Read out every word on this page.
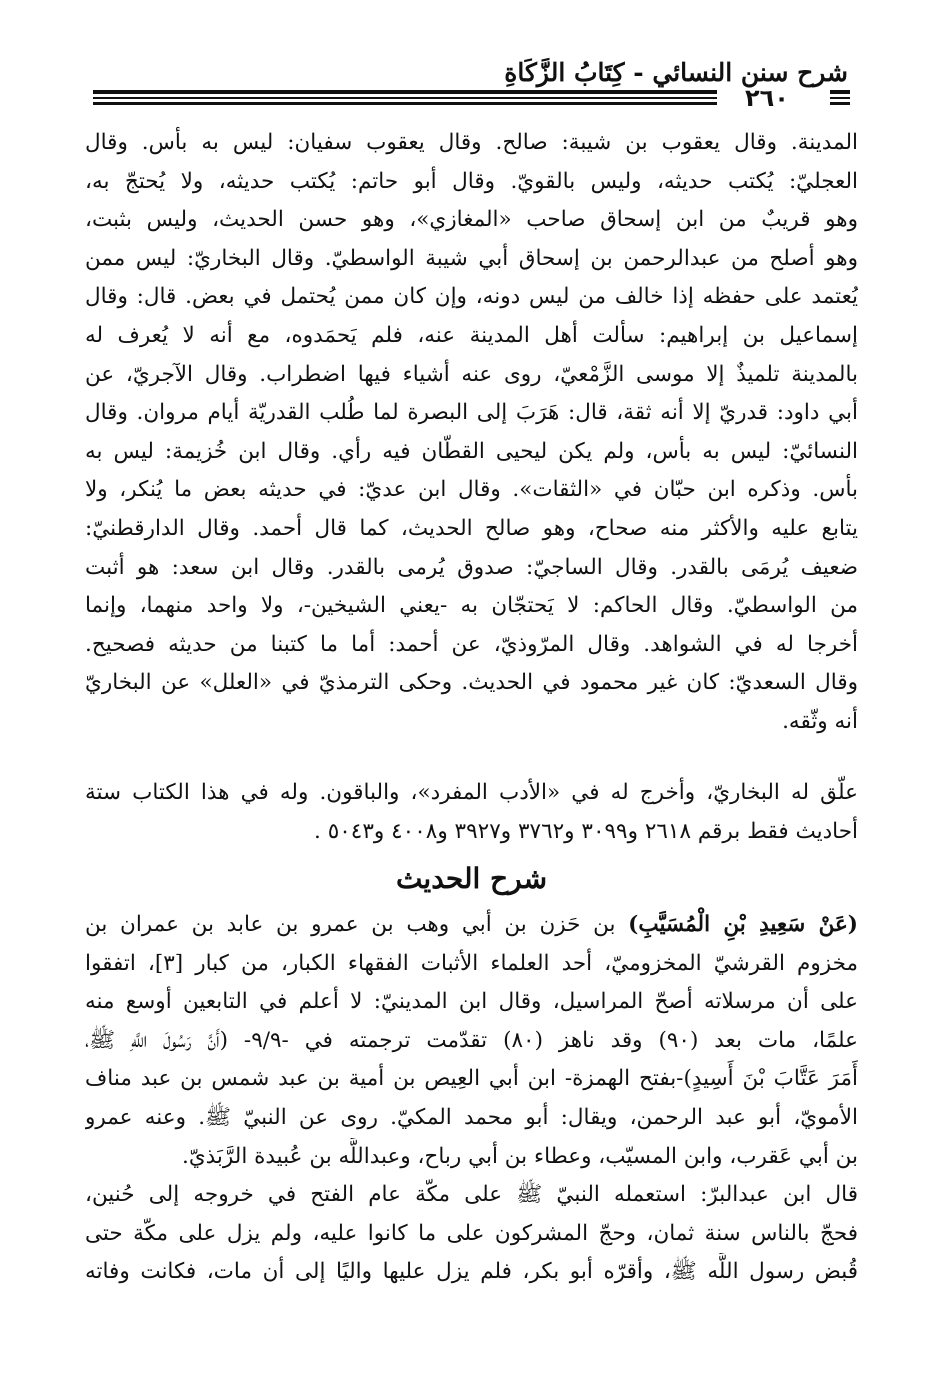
شرح سنن النسائي - كِتَابُ الزَّكَاةِ
٢٦٠
المدينة. وقال يعقوب بن شيبة: صالح. وقال يعقوب سفيان: ليس به بأس. وقال
العجليّ: يُكتب حديثه، وليس بالقويّ. وقال أبو حاتم: يُكتب حديثه، ولا يُحتجّ به،
وهو قريبٌ من ابن إسحاق صاحب «المغازي»، وهو حسن الحديث، وليس بثبت،
وهو أصلح من عبدالرحمن بن إسحاق أبي شيبة الواسطيّ. وقال البخاريّ: ليس ممن
يُعتمد على حفظه إذا خالف من ليس دونه، وإن كان ممن يُحتمل في بعض. قال: وقال
إسماعيل بن إبراهيم: سألت أهل المدينة عنه، فلم يَحمَدوه، مع أنه لا يُعرف له
بالمدينة تلميذٌ إلا موسى الزَّمْعيّ، روى عنه أشياء فيها اضطراب. وقال الآجريّ، عن
أبي داود: قدريّ إلا أنه ثقة، قال: هَرَبَ إلى البصرة لما طُلب القدريّة أيام مروان. وقال
النسائيّ: ليس به بأس، ولم يكن ليحيى القطّان فيه رأي. وقال ابن خُزيمة: ليس به
بأس. وذكره ابن حبّان في «الثقات». وقال ابن عديّ: في حديثه بعض ما يُنكر، ولا
يتابع عليه والأكثر منه صحاح، وهو صالح الحديث، كما قال أحمد. وقال الدارقطنيّ:
ضعيف يُرمَى بالقدر. وقال الساجيّ: صدوق يُرمى بالقدر. وقال ابن سعد: هو أثبت
من الواسطيّ. وقال الحاكم: لا يَحتجّان به -يعني الشيخين-، ولا واحد منهما، وإنما
أخرجا له في الشواهد. وقال المرّوذيّ، عن أحمد: أما ما كتبنا من حديثه فصحيح.
وقال السعديّ: كان غير محمود في الحديث. وحكى الترمذيّ في «العلل» عن البخاريّ
أنه وثّقه.
علّق له البخاريّ، وأخرج له في «الأدب المفرد»، والباقون. وله في هذا الكتاب ستة
أحاديث فقط برقم ٢٦١٨ و٣٠٩٩ و٣٧٦٢ و٣٩٢٧ و٤٠٠٨ و٥٠٤٣ .
شرح الحديث
(عَنْ سَعِيدِ بْنِ الْمُسَيَّبِ) بن حَزن بن أبي وهب بن عمرو بن عابد بن عمران بن
مخزوم القرشيّ المخزوميّ، أحد العلماء الأثبات الفقهاء الكبار، من كبار [٣]، اتفقوا
على أن مرسلاته أصحّ المراسيل، وقال ابن المدينيّ: لا أعلم في التابعين أوسع منه
علمًا، مات بعد (٩٠) وقد ناهز (٨٠) تقدّمت ترجمته في -٩/٩- (أَنَّ رَسُولَ اللَّهِ ﷺ،
أَمَرَ عَتَّابَ بْنَ أَسِيدٍ)-بفتح الهمزة- ابن أبي العِيص بن أمية بن عبد شمس بن عبد مناف
الأمويّ، أبو عبد الرحمن، ويقال: أبو محمد المكيّ. روى عن النبيّ ﷺ. وعنه عمرو
بن أبي عَقرب، وابن المسيّب، وعطاء بن أبي رباح، وعبداللَّه بن عُبيدة الرَّبَذيّ.
قال ابن عبدالبرّ: استعمله النبيّ ﷺ على مكّة عام الفتح في خروجه إلى حُنين،
فحجّ بالناس سنة ثمان، وحجّ المشركون على ما كانوا عليه، ولم يزل على مكّة حتى
قُبض رسول اللَّه ﷺ، وأقرّه أبو بكر، فلم يزل عليها واليًا إلى أن مات، فكانت وفاته
